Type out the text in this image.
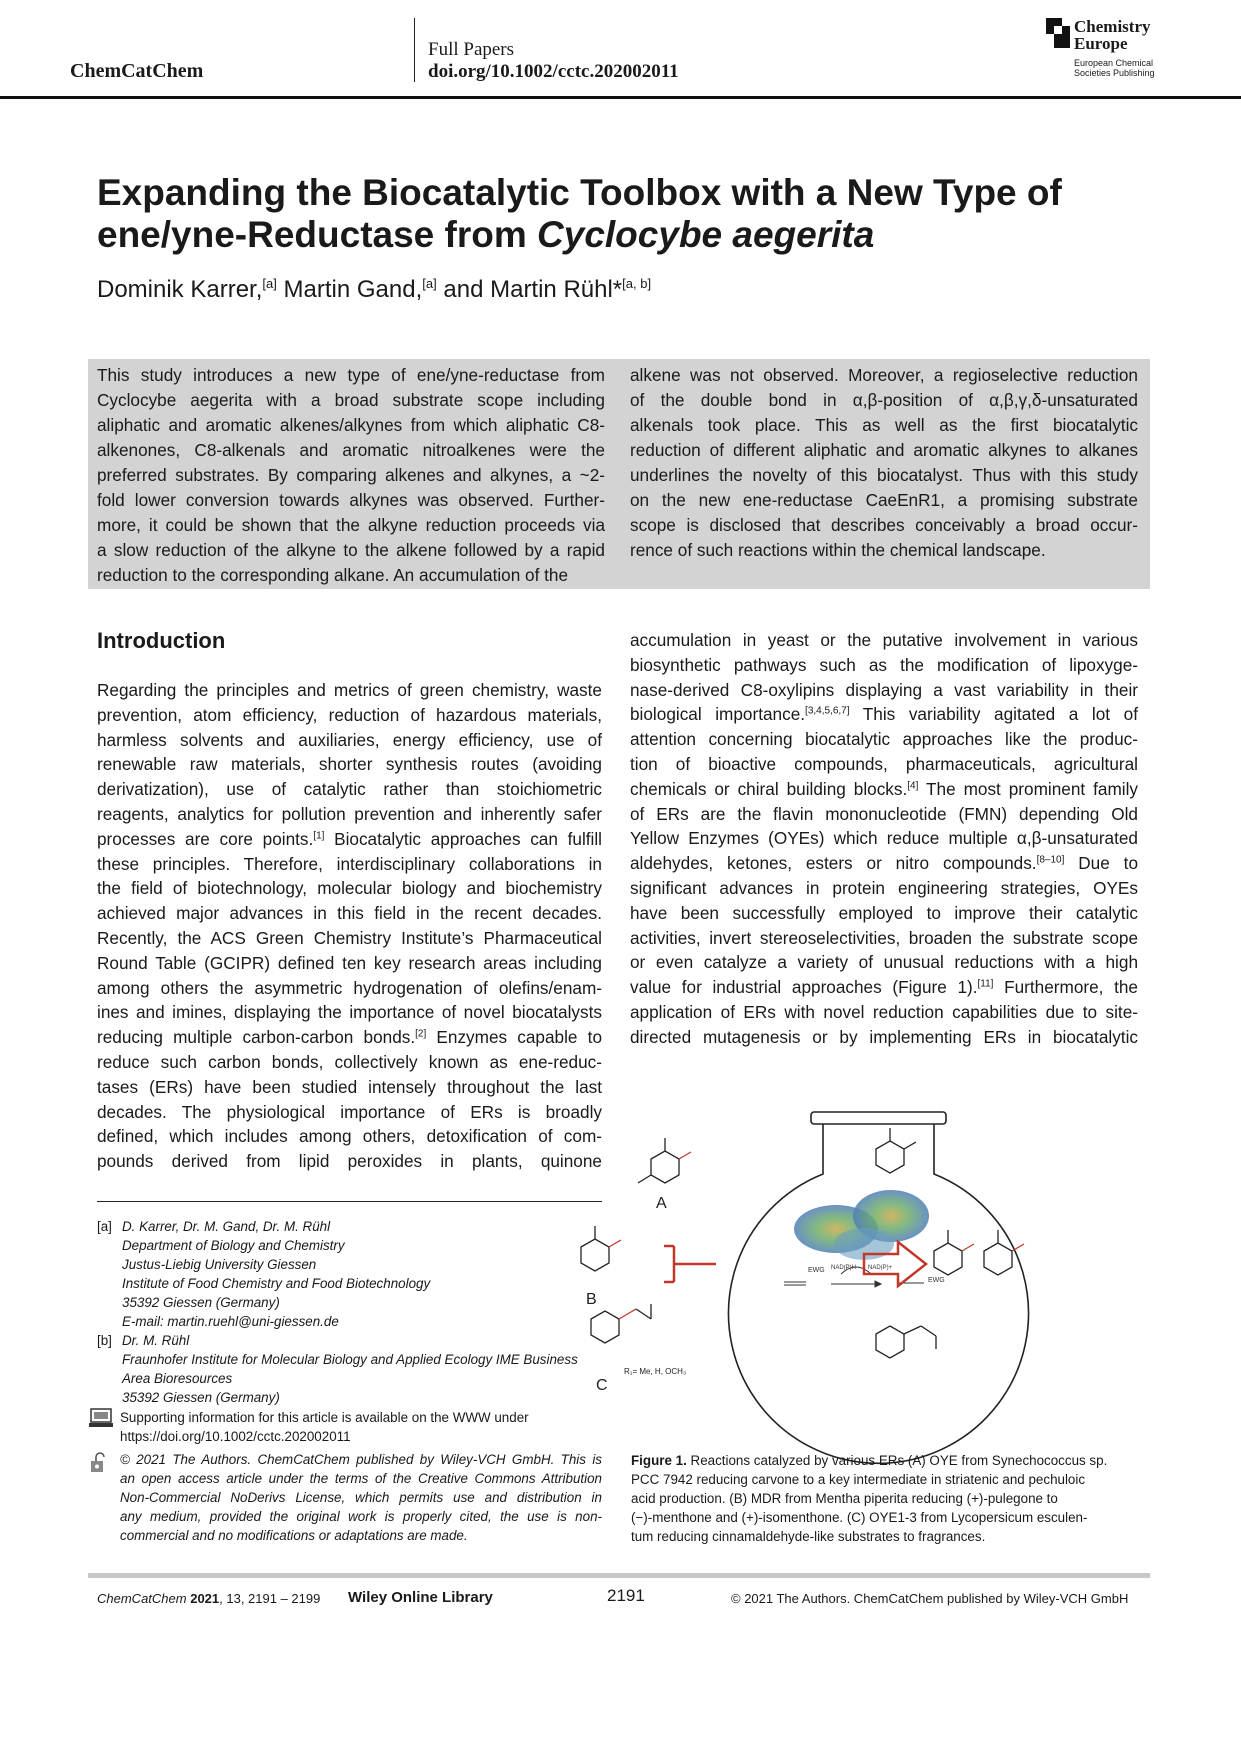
ChemCatChem
Full Papers
doi.org/10.1002/cctc.202002011
Chemistry
Europe
European Chemical
Societies Publishing
Expanding the Biocatalytic Toolbox with a New Type of
ene/yne-Reductase from Cyclocybe aegerita
Dominik Karrer,[a] Martin Gand,[a] and Martin Rühl*[a, b]
This study introduces a new type of ene/yne-reductase from
Cyclocybe aegerita with a broad substrate scope including
aliphatic and aromatic alkenes/alkynes from which aliphatic C8-
alkenones, C8-alkenals and aromatic nitroalkenes were the
preferred substrates. By comparing alkenes and alkynes, a ~2-
fold lower conversion towards alkynes was observed. Further-
more, it could be shown that the alkyne reduction proceeds via
a slow reduction of the alkyne to the alkene followed by a rapid
reduction to the corresponding alkane. An accumulation of the
alkene was not observed. Moreover, a regioselective reduction
of the double bond in α,β-position of α,β,γ,δ-unsaturated
alkenals took place. This as well as the first biocatalytic
reduction of different aliphatic and aromatic alkynes to alkanes
underlines the novelty of this biocatalyst. Thus with this study
on the new ene-reductase CaeEnR1, a promising substrate
scope is disclosed that describes conceivably a broad occur-
rence of such reactions within the chemical landscape.
Introduction
Regarding the principles and metrics of green chemistry, waste
prevention, atom efficiency, reduction of hazardous materials,
harmless solvents and auxiliaries, energy efficiency, use of
renewable raw materials, shorter synthesis routes (avoiding
derivatization), use of catalytic rather than stoichiometric
reagents, analytics for pollution prevention and inherently safer
processes are core points.[1] Biocatalytic approaches can fulfill
these principles. Therefore, interdisciplinary collaborations in
the field of biotechnology, molecular biology and biochemistry
achieved major advances in this field in the recent decades.
Recently, the ACS Green Chemistry Institute’s Pharmaceutical
Round Table (GCIPR) defined ten key research areas including
among others the asymmetric hydrogenation of olefins/enam-
ines and imines, displaying the importance of novel biocatalysts
reducing multiple carbon-carbon bonds.[2] Enzymes capable to
reduce such carbon bonds, collectively known as ene-reduc-
tases (ERs) have been studied intensely throughout the last
decades. The physiological importance of ERs is broadly
defined, which includes among others, detoxification of com-
pounds derived from lipid peroxides in plants, quinone
accumulation in yeast or the putative involvement in various
biosynthetic pathways such as the modification of lipoxyge-
nase-derived C8-oxylipins displaying a vast variability in their
biological importance.[3,4,5,6,7] This variability agitated a lot of
attention concerning biocatalytic approaches like the produc-
tion of bioactive compounds, pharmaceuticals, agricultural
chemicals or chiral building blocks.[4] The most prominent family
of ERs are the flavin mononucleotide (FMN) depending Old
Yellow Enzymes (OYEs) which reduce multiple α,β-unsaturated
aldehydes, ketones, esters or nitro compounds.[8–10] Due to
significant advances in protein engineering strategies, OYEs
have been successfully employed to improve their catalytic
activities, invert stereoselectivities, broaden the substrate scope
or even catalyze a variety of unusual reductions with a high
value for industrial approaches (Figure 1).[11] Furthermore, the
application of ERs with novel reduction capabilities due to site-
directed mutagenesis or by implementing ERs in biocatalytic
EWG NAD(P)H NAD(P)+
EWG
A
B
C
R₁= Me, H, OCH₃
Figure 1. Reactions catalyzed by various ERs (A) OYE from Synechococcus sp.
PCC 7942 reducing carvone to a key intermediate in striatenic and pechuloic
acid production. (B) MDR from Mentha piperita reducing (+)-pulegone to
(−)-menthone and (+)-isomenthone. (C) OYE1-3 from Lycopersicum esculen-
tum reducing cinnamaldehyde-like substrates to fragrances.
[a] D. Karrer, Dr. M. Gand, Dr. M. Rühl
Department of Biology and Chemistry
Justus-Liebig University Giessen
Institute of Food Chemistry and Food Biotechnology
35392 Giessen (Germany)
E-mail: martin.ruehl@uni-giessen.de
[b] Dr. M. Rühl
Fraunhofer Institute for Molecular Biology and Applied Ecology IME Business
Area Bioresources
35392 Giessen (Germany)
Supporting information for this article is available on the WWW under
https://doi.org/10.1002/cctc.202002011
© 2021 The Authors. ChemCatChem published by Wiley-VCH GmbH. This is
an open access article under the terms of the Creative Commons Attribution
Non-Commercial NoDerivs License, which permits use and distribution in
any medium, provided the original work is properly cited, the use is non-
commercial and no modifications or adaptations are made.
ChemCatChem 2021, 13, 2191 – 2199 Wiley Online Library	2191	© 2021 The Authors. ChemCatChem published by Wiley-VCH GmbH
